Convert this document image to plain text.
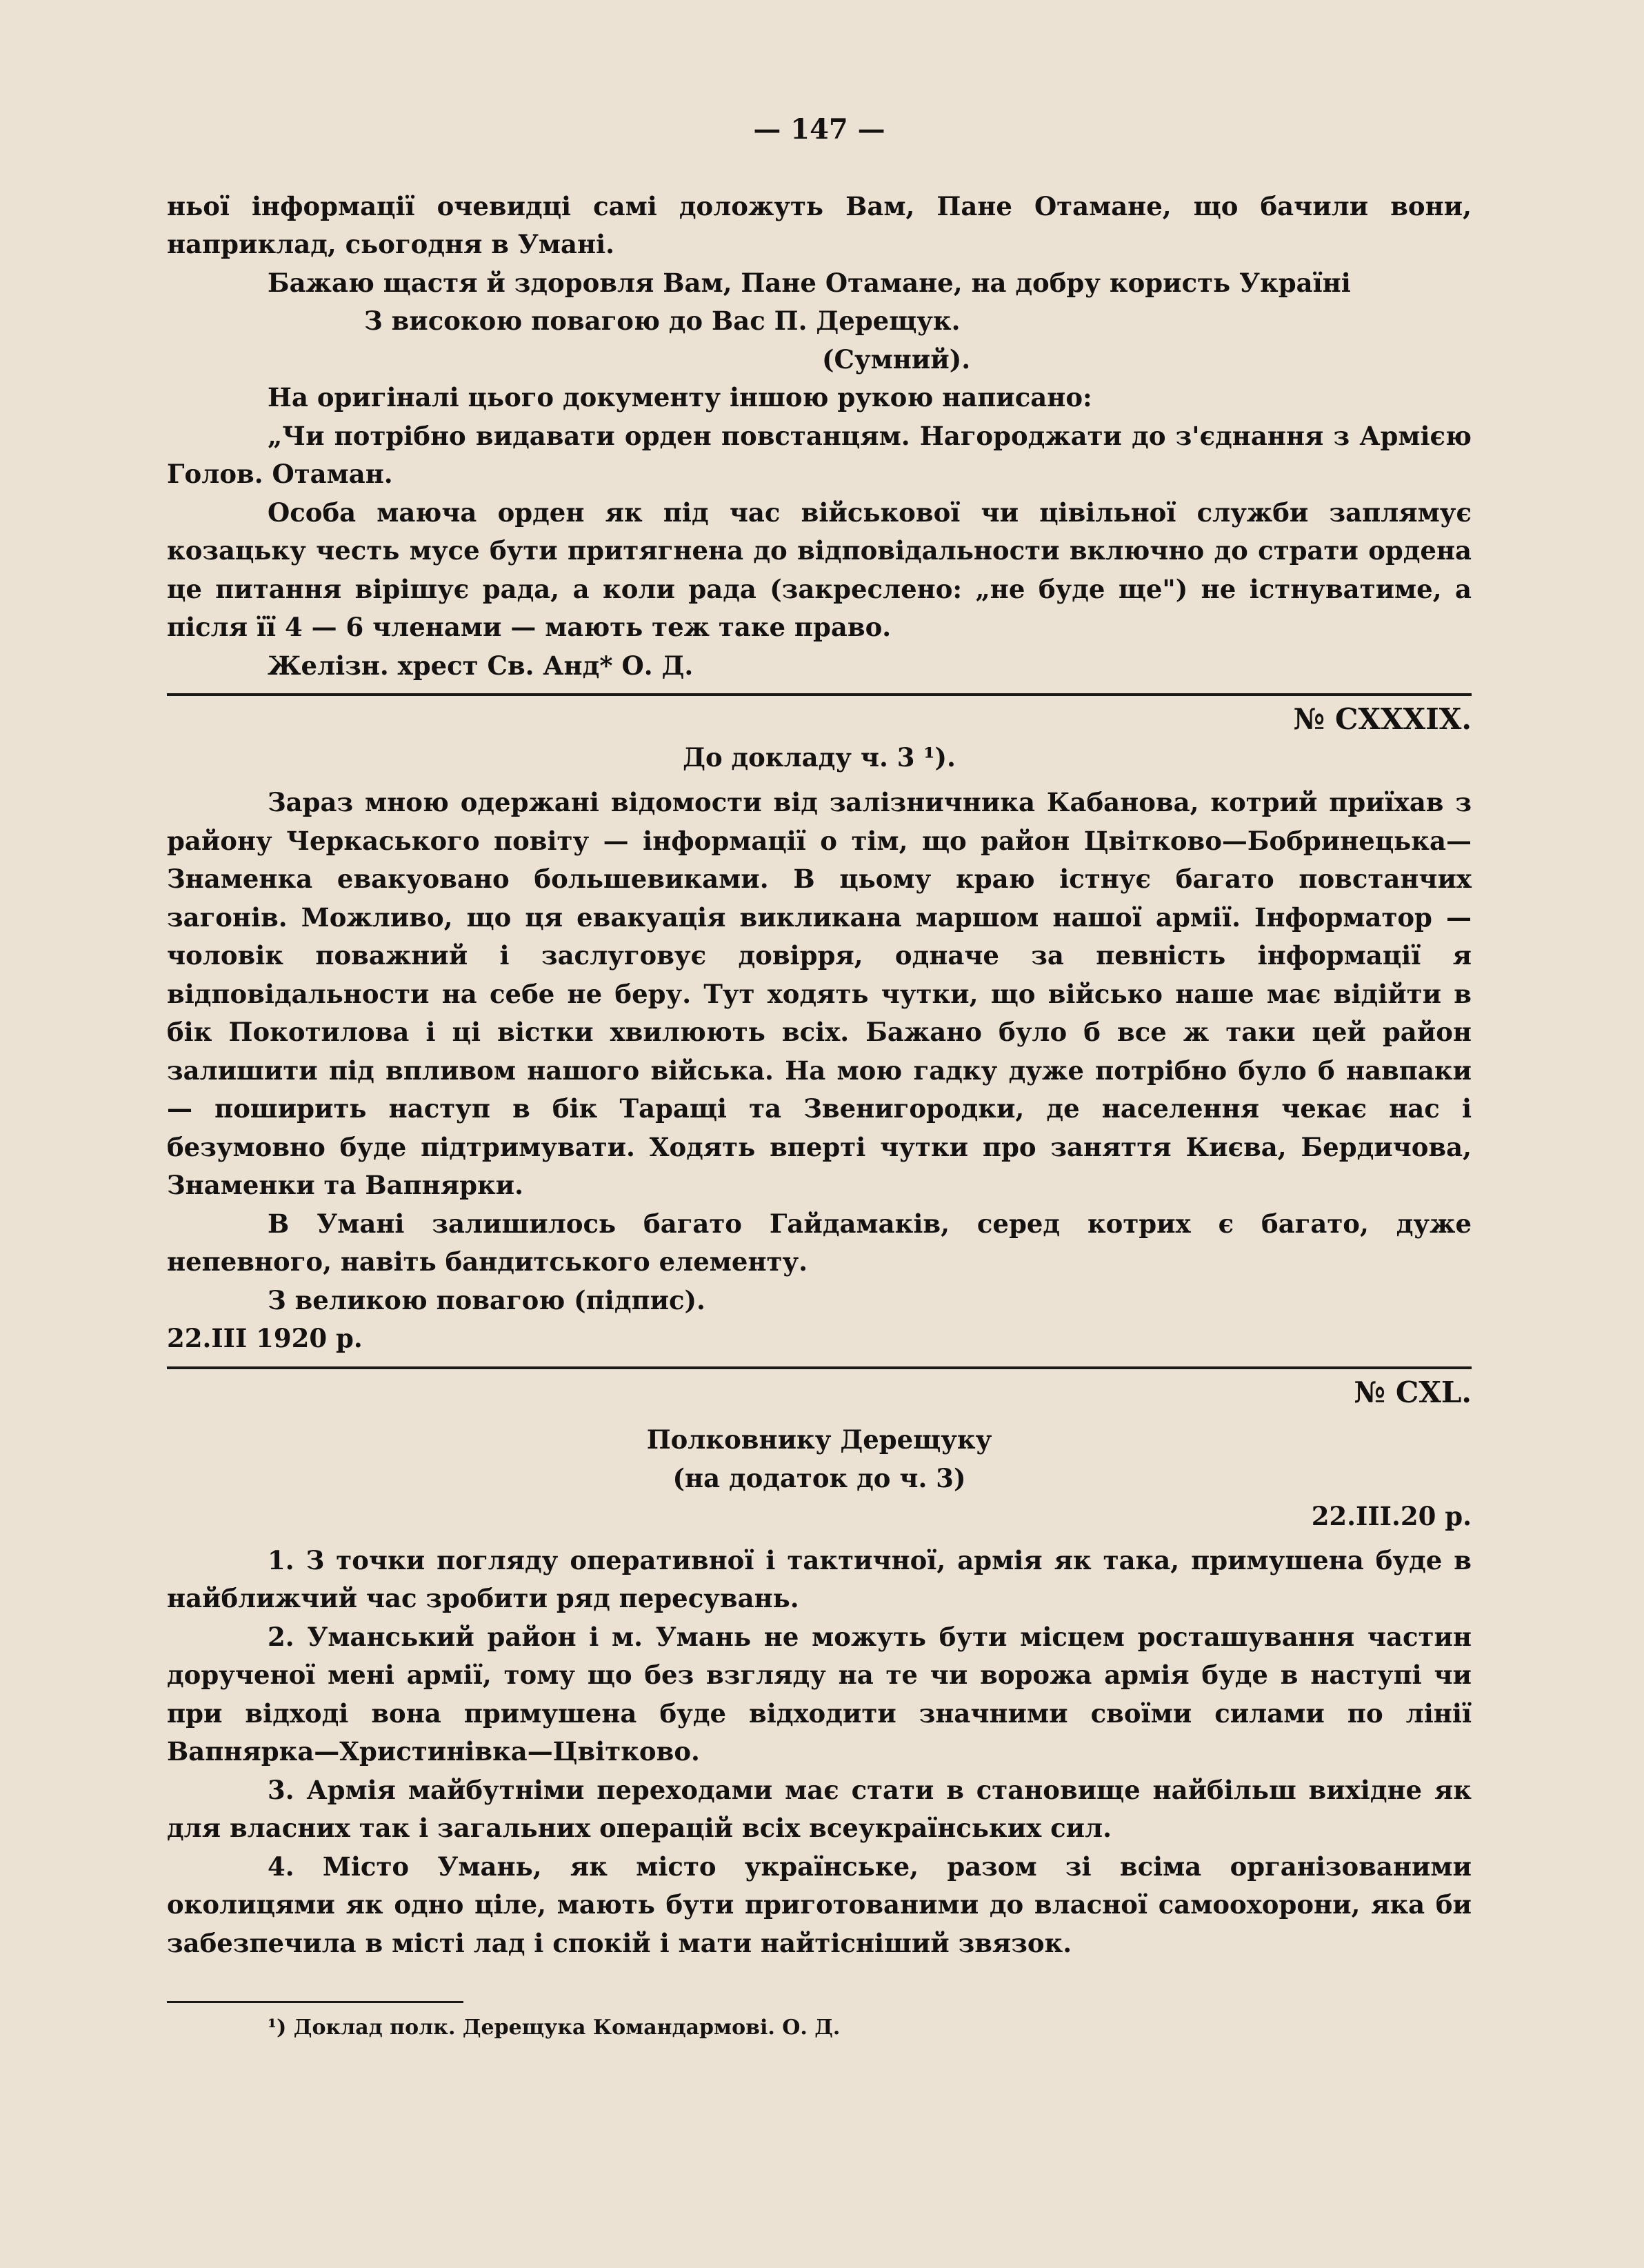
— 147 —

ньої інформації очевидці самі доложуть Вам, Пане Отамане, що бачили вони, наприклад, сьогодня в Умані.

Бажаю щастя й здоровля Вам, Пане Отамане, на добру користь Україні

З високою повагою до Вас П. Дерещук.

(Сумний).

На оригіналі цього документу іншою рукою написано:

„Чи потрібно видавати орден повстанцям. Нагороджати до з'єднання з Армією Голов. Отаман.

Особа маюча орден як під час військової чи цівільної служби заплямує козацьку честь мусе бути притягнена до відповідальности включно до страти ордена це питання вірішує рада, а коли рада (закреслено: „не буде ще") не істнуватиме, а після її 4 — 6 членами — мають теж таке право.

Желізн. хрест Св. Анд* О. Д.

№ CXXXIX.

До докладу ч. 3 ¹).

Зараз мною одержані відомости від залізничника Кабанова, котрий приїхав з району Черкаського повіту — інформації о тім, що район Цвітково—Бобринецька—Знаменка евакуовано большевиками. В цьому краю істнує багато повстанчих загонів. Можливо, що ця евакуація викликана маршом нашої армії. Інформатор — чоловік поважний і заслуговує довірря, одначе за певність інформації я відповідальности на себе не беру. Тут ходять чутки, що військо наше має відійти в бік Покотилова і ці вістки хвилюють всіх. Бажано було б все ж таки цей район залишити під впливом нашого війська. На мою гадку дуже потрібно було б навпаки — поширить наступ в бік Таращі та Звенигородки, де населення чекає нас і безумовно буде підтримувати. Ходять вперті чутки про заняття Києва, Бердичова, Знаменки та Вапнярки.

В Умані залишилось багато Гайдамаків, серед котрих є багато, дуже непевного, навіть бандитського елементу.

З великою повагою (підпис).

22.III 1920 р.

№ CXL.

Полковнику Дерещуку

(на додаток до ч. 3)

22.III.20 р.

1. З точки погляду оперативної і тактичної, армія як така, примушена буде в найближчий час зробити ряд пересувань.

2. Уманський район і м. Умань не можуть бути місцем росташування частин дорученої мені армії, тому що без взгляду на те чи ворожа армія буде в наступі чи при відході вона примушена буде відходити значними своїми силами по лінії Вапнярка—Христинівка—Цвітково.

3. Армія майбутніми переходами має стати в становище найбільш вихідне як для власних так і загальних операцій всіх всеукраїнських сил.

4. Місто Умань, як місто українське, разом зі всіма організованими околицями як одно ціле, мають бути приготованими до власної самоохорони, яка би забезпечила в місті лад і спокій і мати найтісніший звязок.

¹) Доклад полк. Дерещука Командармові. О. Д.
